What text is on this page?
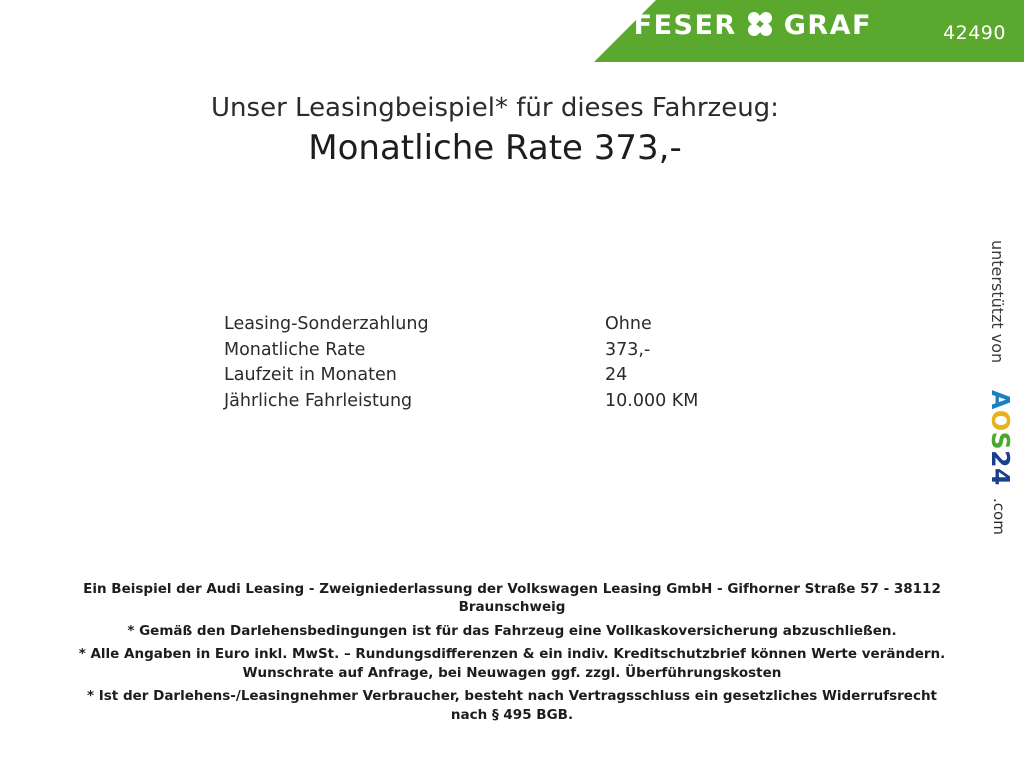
FESER GRAF	42490
Unser Leasingbeispiel* für dieses Fahrzeug:
Monatliche Rate 373,-
Leasing-Sonderzahlung	Ohne
Monatliche Rate	373,-
Laufzeit in Monaten	24
Jährliche Fahrleistung	10.000 KM
unterstützt von
AOS24
.com

Ein Beispiel der Audi Leasing - Zweigniederlassung der Volkswagen Leasing GmbH - Gifhorner Straße 57 - 38112

Braunschweig

* Gemäß den Darlehensbedingungen ist für das Fahrzeug eine Vollkaskoversicherung abzuschließen.

* Alle Angaben in Euro inkl. MwSt. – Rundungsdifferenzen & ein indiv. Kreditschutzbrief können Werte verändern.

Wunschrate auf Anfrage, bei Neuwagen ggf. zzgl. Überführungskosten

* Ist der Darlehens-/Leasingnehmer Verbraucher, besteht nach Vertragsschluss ein gesetzliches Widerrufsrecht

nach § 495 BGB.
